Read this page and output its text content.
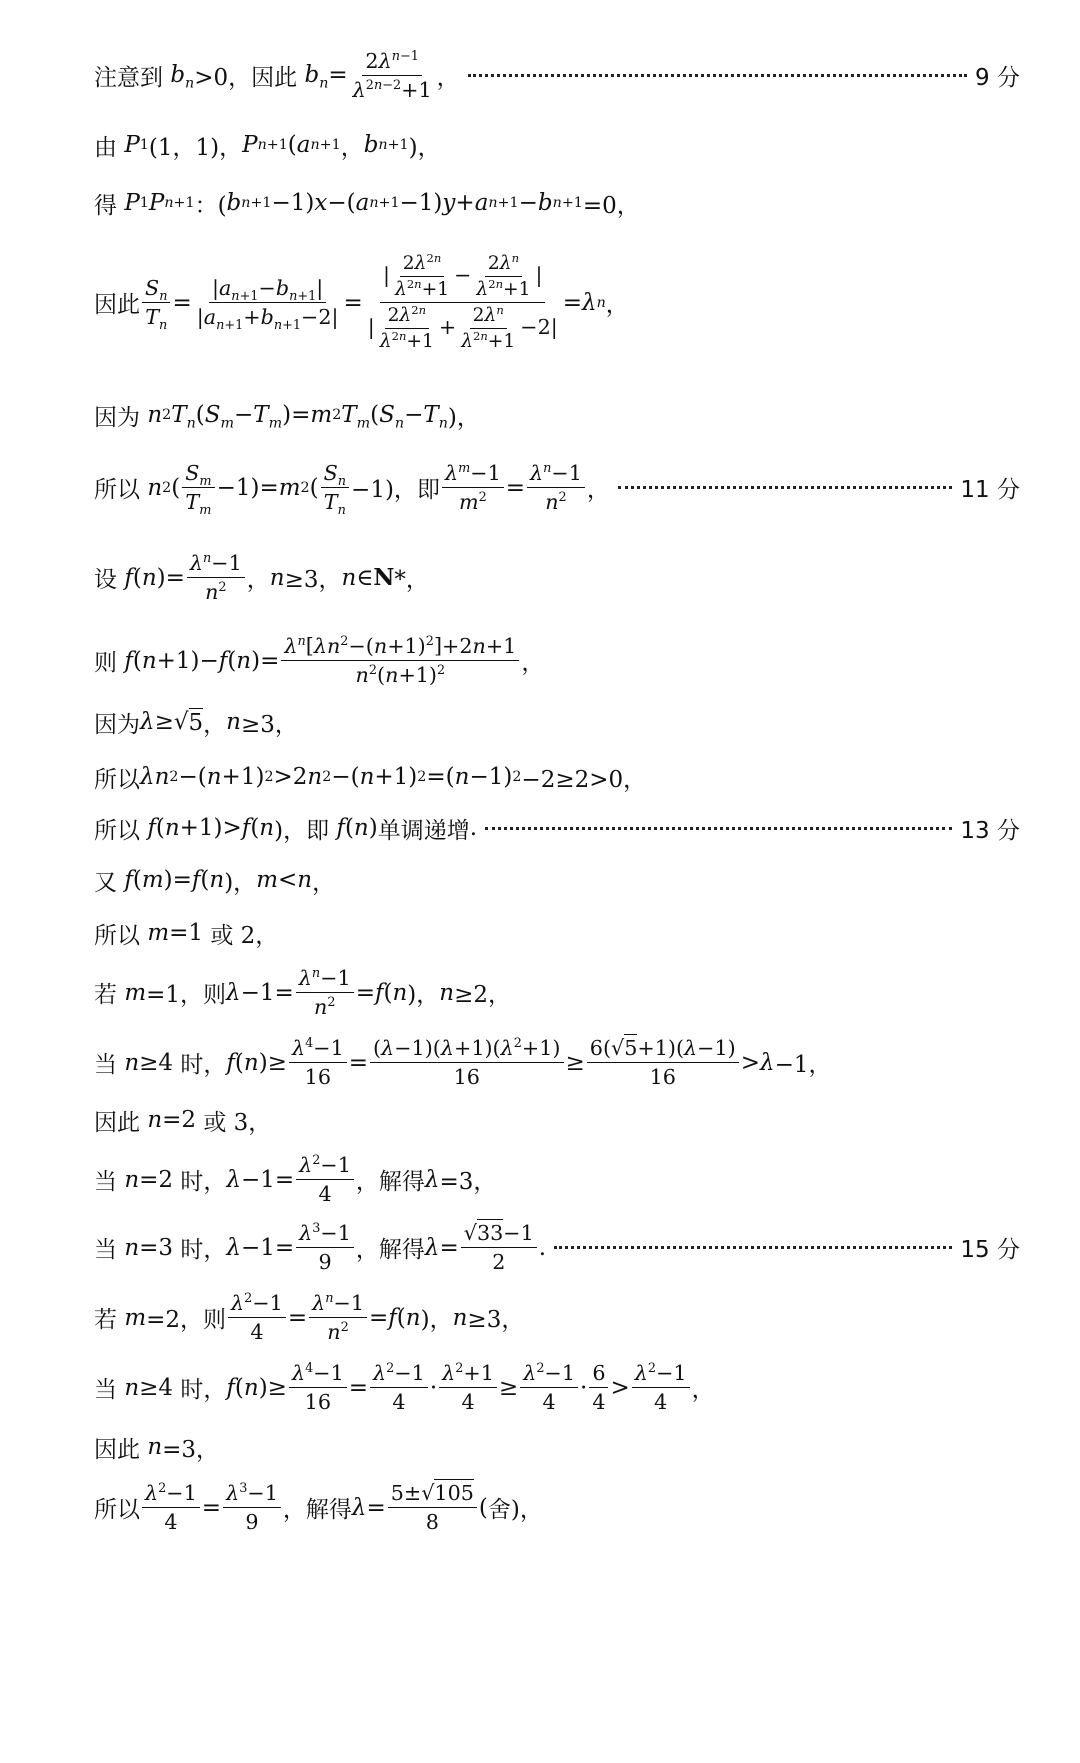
注意到
$b_n >0$， 因此
$b_n = \frac{2\lambda^{n-1}}{\lambda^{2n-2}+1}$ ，	9 分
由
P 1 (1，1)， P n+1 ( a n+1 ， b n+1 )，
得
P 1 P n+1 ：( b n+1 −1) x −( a n+1 −1) y + a n+1 − b n+1 =0，
因此 $\frac{S_n}{T_n} = \frac{|a_{n+1}-b_{n+1}|}{|a_{n+1}+b_{n+1}-2|} = \frac{| \frac{2\lambda^{2n}}{\lambda^{2n}+1} - \frac{2\lambda^n}{\lambda^{2n}+1} |}{| \frac{2\lambda^{2n}}{\lambda^{2n}+1} + \frac{2\lambda^n}{\lambda^{2n}+1} -2|} = \lambda$ n ，
因为
n 2 $T_n$ ( $S_m - T_m$ )= m 2 $T_m$ ( $S_n - T_n$ )，
所以
n 2 ( $\frac{S_m}{T_m} -1)= m$ 2 ( $\frac{S_n}{T_n} -1$)， 即 $\frac{\lambda^m-1}{m^2} = \frac{\lambda^n-1}{n^2}$ ，	11 分
设
f ( n )= $\frac{\lambda^n-1}{n^2}$ ， n ≥3， n ∈ N *，
则
f ( n +1)− f ( n )= $\frac{\lambda^n[\lambda n^2-(n+1)^2]+2n+1}{n^2(n+1)^2}$ ，
因为 λ ≥√ 5 ， n ≥3，
所以 λn 2 −( n +1) 2 >2 n 2 −( n +1) 2 =( n −1) 2 −2≥2>0，
所以
f ( n +1)> f ( n )， 即
f ( n ) 单调递增 .	13 分
又
f ( m )= f ( n )， m < n ，
所以
m =1 或 2，
若
m =1， 则 $\lambda -1= \frac{\lambda^n-1}{n^2} = f$ ( n )， n ≥2，
当
n ≥4 时 ， f ( n )≥ $\frac{\lambda^4-1}{16} = \frac{(\lambda-1)(\lambda+1)(\lambda^2+1)}{16} \ge \frac{6(√5+1)(\lambda-1)}{16} > \lambda -1$，
因此
n =2 或 3，
当
n =2 时 ， $\lambda -1= \frac{\lambda^2-1}{4}$ ， 解得 λ =3，
当
n =3 时 ， $\lambda -1= \frac{\lambda^3-1}{9}$ ， 解得 $\lambda = \frac{√33-1}{2}$ .	15 分
若
m =2， 则 $\frac{\lambda^2-1}{4} = \frac{\lambda^n-1}{n^2} = f$ ( n )， n ≥3，
当
n ≥4 时 ， f ( n )≥ $\frac{\lambda^4-1}{16} = \frac{\lambda^2-1}{4} \cdot \frac{\lambda^2+1}{4} \ge \frac{\lambda^2-1}{4} \cdot \frac{6}{4} > \frac{\lambda^2-1}{4}$ ，
因此
n =3，
所以 $\frac{\lambda^2-1}{4} = \frac{\lambda^3-1}{9}$ ， 解得 $\lambda = \frac{5\pm√105}{8}$ ( 舍 )，
